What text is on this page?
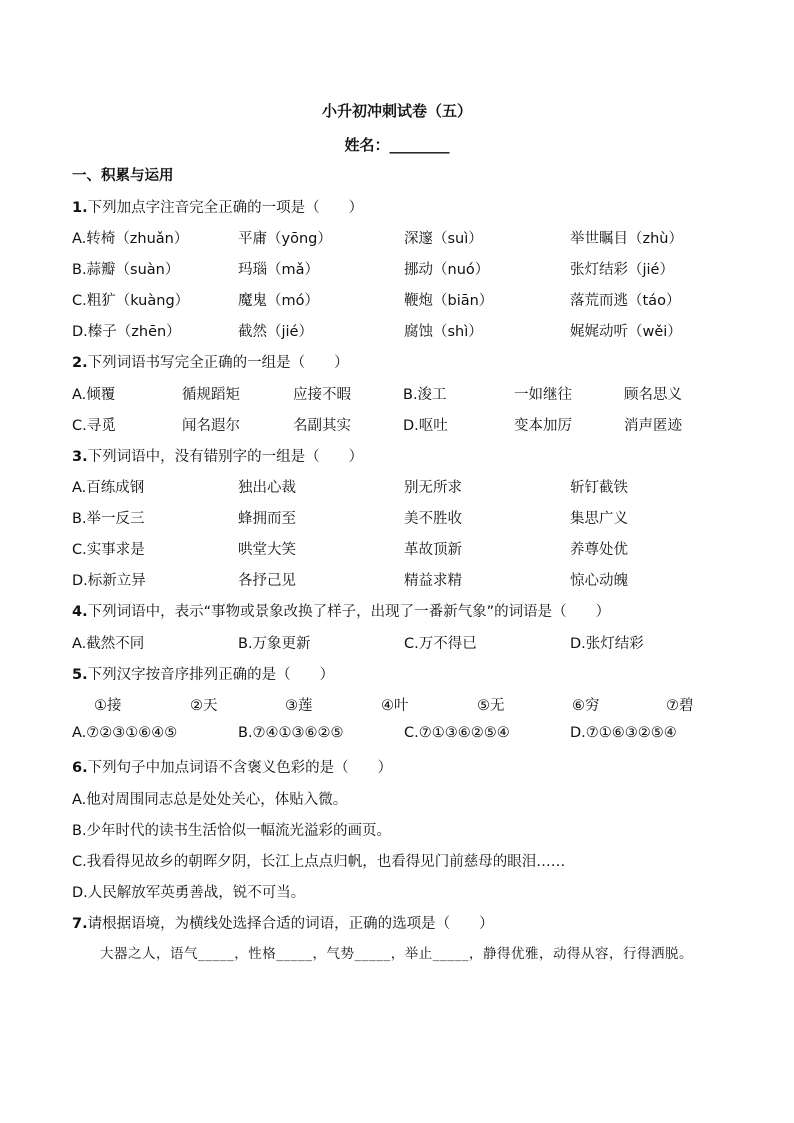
小升初冲刺试卷（五）
姓名：________
一、积累与运用
1.下列加点字注音完全正确的一项是（　　）
A.转椅（zhuǎn）	平庸（yōng）	深邃（suì）	举世瞩目（zhù）
B.蒜瓣（suàn）	玛瑙（mǎ）	挪动（nuó）	张灯结彩（jié）
C.粗犷（kuàng）	魔鬼（mó）	鞭炮（biān）	落荒而逃（táo）
D.榛子（zhēn）	截然（jié）	腐蚀（shì）	娓娓动听（wěi）
2.下列词语书写完全正确的一组是（　　）
A.倾覆	循规蹈矩	应接不暇	B.浚工	一如继往	顾名思义
C.寻觅	闻名遐尔	名副其实	D.呕吐	变本加厉	消声匿迹
3.下列词语中，没有错别字的一组是（　　）
A.百练成钢	独出心裁	别无所求	斩钉截铁
B.举一反三	蜂拥而至	美不胜收	集思广义
C.实事求是	哄堂大笑	革故顶新	养尊处优
D.标新立异	各抒己见	精益求精	惊心动魄
4.下列词语中，表示“事物或景象改换了样子，出现了一番新气象”的词语是（　　）
A.截然不同	B.万象更新	C.万不得已	D.张灯结彩
5.下列汉字按音序排列正确的是（　　）
①接	②天	③莲	④叶	⑤无	⑥穷	⑦碧
A.⑦②③①⑥④⑤	B.⑦④①③⑥②⑤	C.⑦①③⑥②⑤④	D.⑦①⑥③②⑤④
6.下列句子中加点词语不含褒义色彩的是（　　）
A.他对周围同志总是处处关心，体贴入微。
B.少年时代的读书生活恰似一幅流光溢彩的画页。
C.我看得见故乡的朝晖夕阴，长江上点点归帆，也看得见门前慈母的眼泪……
D.人民解放军英勇善战，锐不可当。
7.请根据语境，为横线处选择合适的词语，正确的选项是（　　）
大器之人，语气_____，性格_____，气势_____，举止_____，静得优雅，动得从容，行得洒脱。
